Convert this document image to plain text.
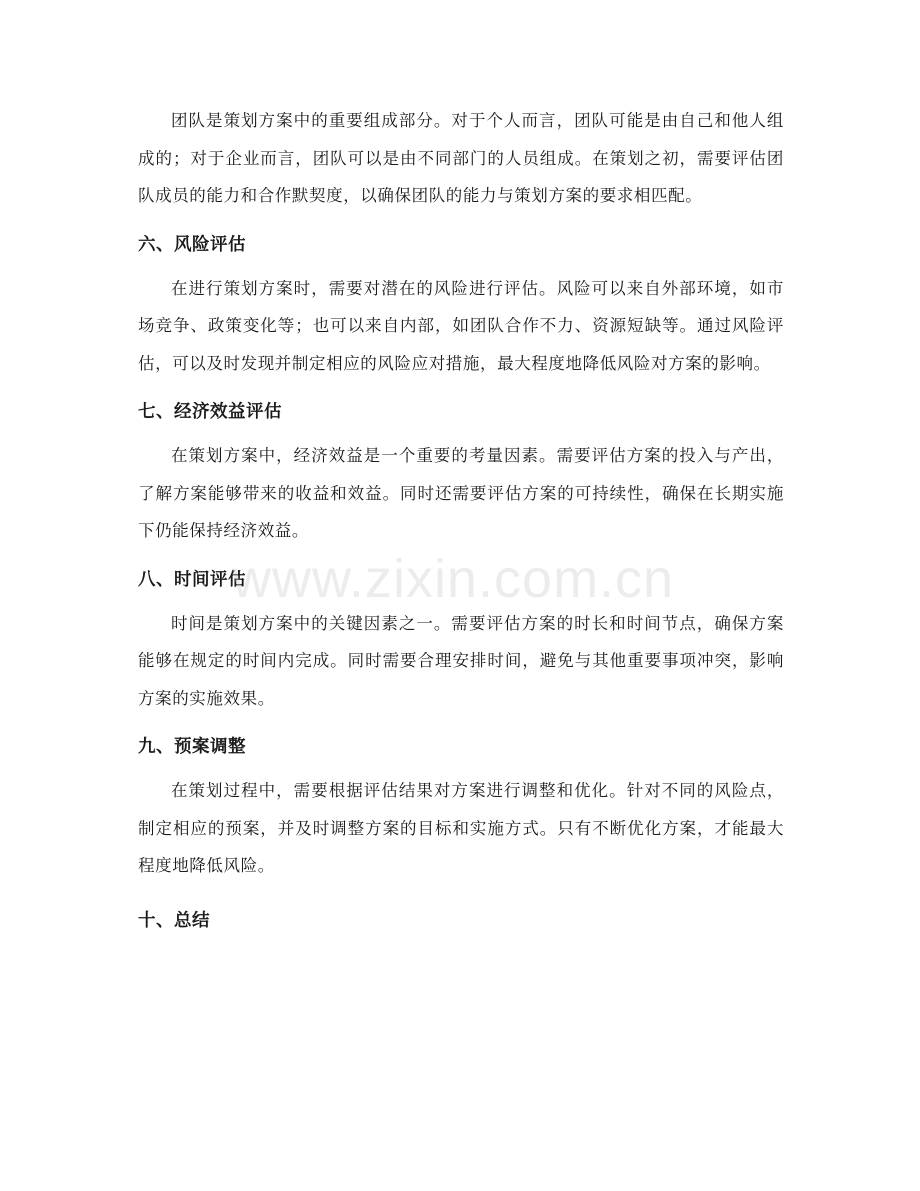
团队是策划方案中的重要组成部分。对于个人而言，团队可能是由自己和他人组成的；对于企业而言，团队可以是由不同部门的人员组成。在策划之初，需要评估团队成员的能力和合作默契度，以确保团队的能力与策划方案的要求相匹配。

六、风险评估

在进行策划方案时，需要对潜在的风险进行评估。风险可以来自外部环境，如市场竞争、政策变化等；也可以来自内部，如团队合作不力、资源短缺等。通过风险评估，可以及时发现并制定相应的风险应对措施，最大程度地降低风险对方案的影响。

七、经济效益评估

在策划方案中，经济效益是一个重要的考量因素。需要评估方案的投入与产出，了解方案能够带来的收益和效益。同时还需要评估方案的可持续性，确保在长期实施下仍能保持经济效益。

八、时间评估

时间是策划方案中的关键因素之一。需要评估方案的时长和时间节点，确保方案能够在规定的时间内完成。同时需要合理安排时间，避免与其他重要事项冲突，影响方案的实施效果。

九、预案调整

在策划过程中，需要根据评估结果对方案进行调整和优化。针对不同的风险点，制定相应的预案，并及时调整方案的目标和实施方式。只有不断优化方案，才能最大程度地降低风险。

十、总结
www.zixin.com.cn
